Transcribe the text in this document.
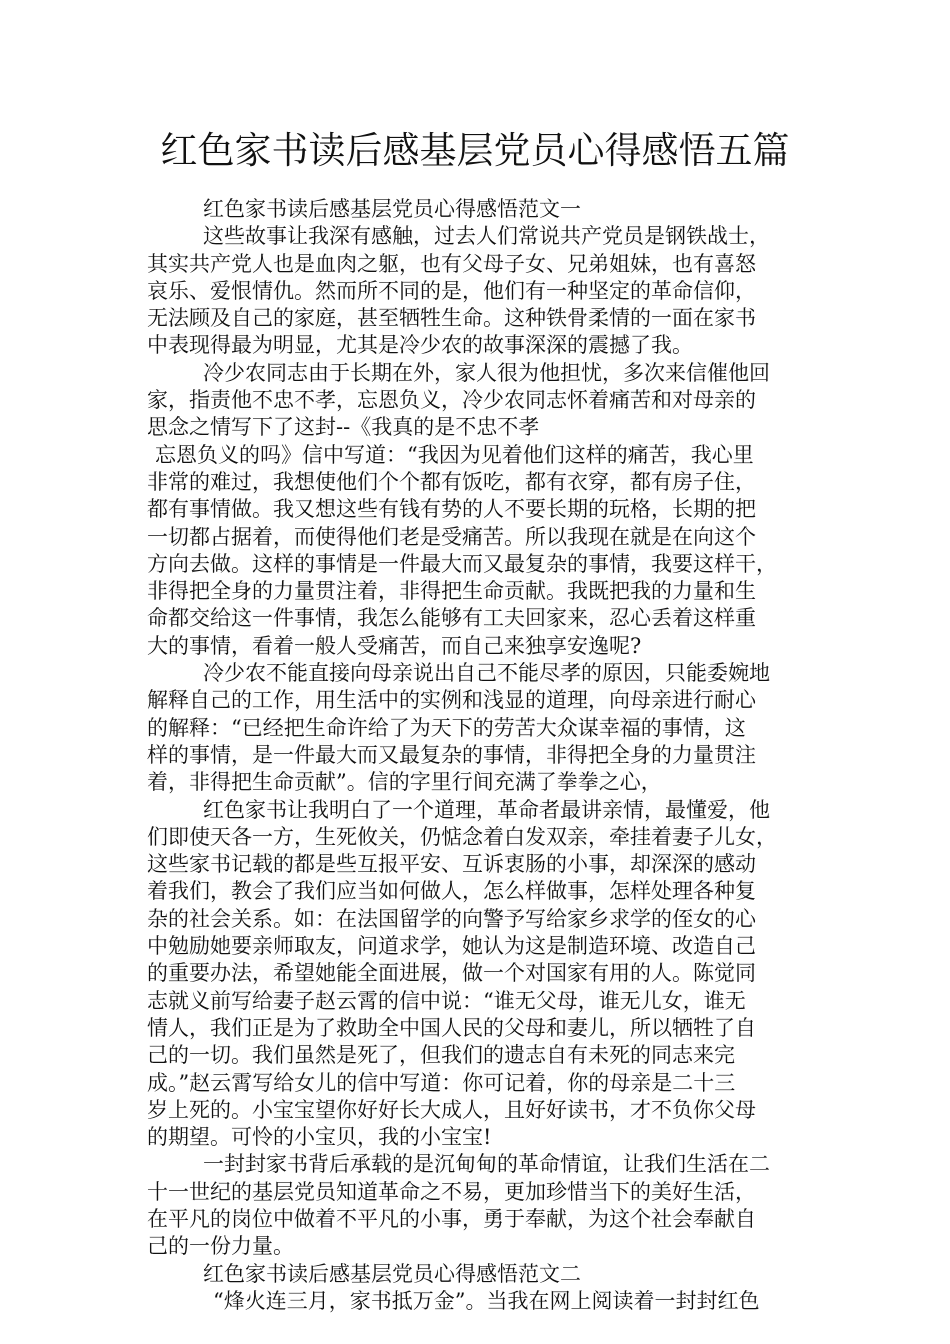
红色家书读后感基层党员心得感悟五篇
红色家书读后感基层党员心得感悟范文一
这些故事让我深有感触，过去人们常说共产党员是钢铁战士，
其实共产党人也是血肉之躯，也有父母子女、兄弟姐妹，也有喜怒
哀乐、爱恨情仇。然而所不同的是，他们有一种坚定的革命信仰，
无法顾及自己的家庭，甚至牺牲生命。这种铁骨柔情的一面在家书
中表现得最为明显，尤其是冷少农的故事深深的震撼了我。
冷少农同志由于长期在外，家人很为他担忧，多次来信催他回
家，指责他不忠不孝，忘恩负义，冷少农同志怀着痛苦和对母亲的
思念之情写下了这封--《我真的是不忠不孝
忘恩负义的吗》信中写道：“我因为见着他们这样的痛苦，我心里
非常的难过，我想使他们个个都有饭吃，都有衣穿，都有房子住，
都有事情做。我又想这些有钱有势的人不要长期的玩格，长期的把
一切都占据着，而使得他们老是受痛苦。所以我现在就是在向这个
方向去做。这样的事情是一件最大而又最复杂的事情，我要这样干，
非得把全身的力量贯注着，非得把生命贡献。我既把我的力量和生
命都交给这一件事情，我怎么能够有工夫回家来，忍心丢着这样重
大的事情，看着一般人受痛苦，而自己来独享安逸呢?
冷少农不能直接向母亲说出自己不能尽孝的原因，只能委婉地
解释自己的工作，用生活中的实例和浅显的道理，向母亲进行耐心
的解释：“已经把生命许给了为天下的劳苦大众谋幸福的事情，这
样的事情，是一件最大而又最复杂的事情，非得把全身的力量贯注
着，非得把生命贡献”。信的字里行间充满了拳拳之心，
红色家书让我明白了一个道理，革命者最讲亲情，最懂爱，他
们即使天各一方，生死攸关，仍惦念着白发双亲，牵挂着妻子儿女，
这些家书记载的都是些互报平安、互诉衷肠的小事，却深深的感动
着我们，教会了我们应当如何做人，怎么样做事，怎样处理各种复
杂的社会关系。如：在法国留学的向警予写给家乡求学的侄女的心
中勉励她要亲师取友，问道求学，她认为这是制造环境、改造自己
的重要办法，希望她能全面进展，做一个对国家有用的人。陈觉同
志就义前写给妻子赵云霄的信中说：“谁无父母，谁无儿女，谁无
情人，我们正是为了救助全中国人民的父母和妻儿，所以牺牲了自
己的一切。我们虽然是死了，但我们的遗志自有未死的同志来完
成。”赵云霄写给女儿的信中写道：你可记着，你的母亲是二十三
岁上死的。小宝宝望你好好长大成人，且好好读书，才不负你父母
的期望。可怜的小宝贝，我的小宝宝!
一封封家书背后承载的是沉甸甸的革命情谊，让我们生活在二
十一世纪的基层党员知道革命之不易，更加珍惜当下的美好生活，
在平凡的岗位中做着不平凡的小事，勇于奉献，为这个社会奉献自
己的一份力量。
红色家书读后感基层党员心得感悟范文二
“烽火连三月，家书抵万金”。当我在网上阅读着一封封红色
